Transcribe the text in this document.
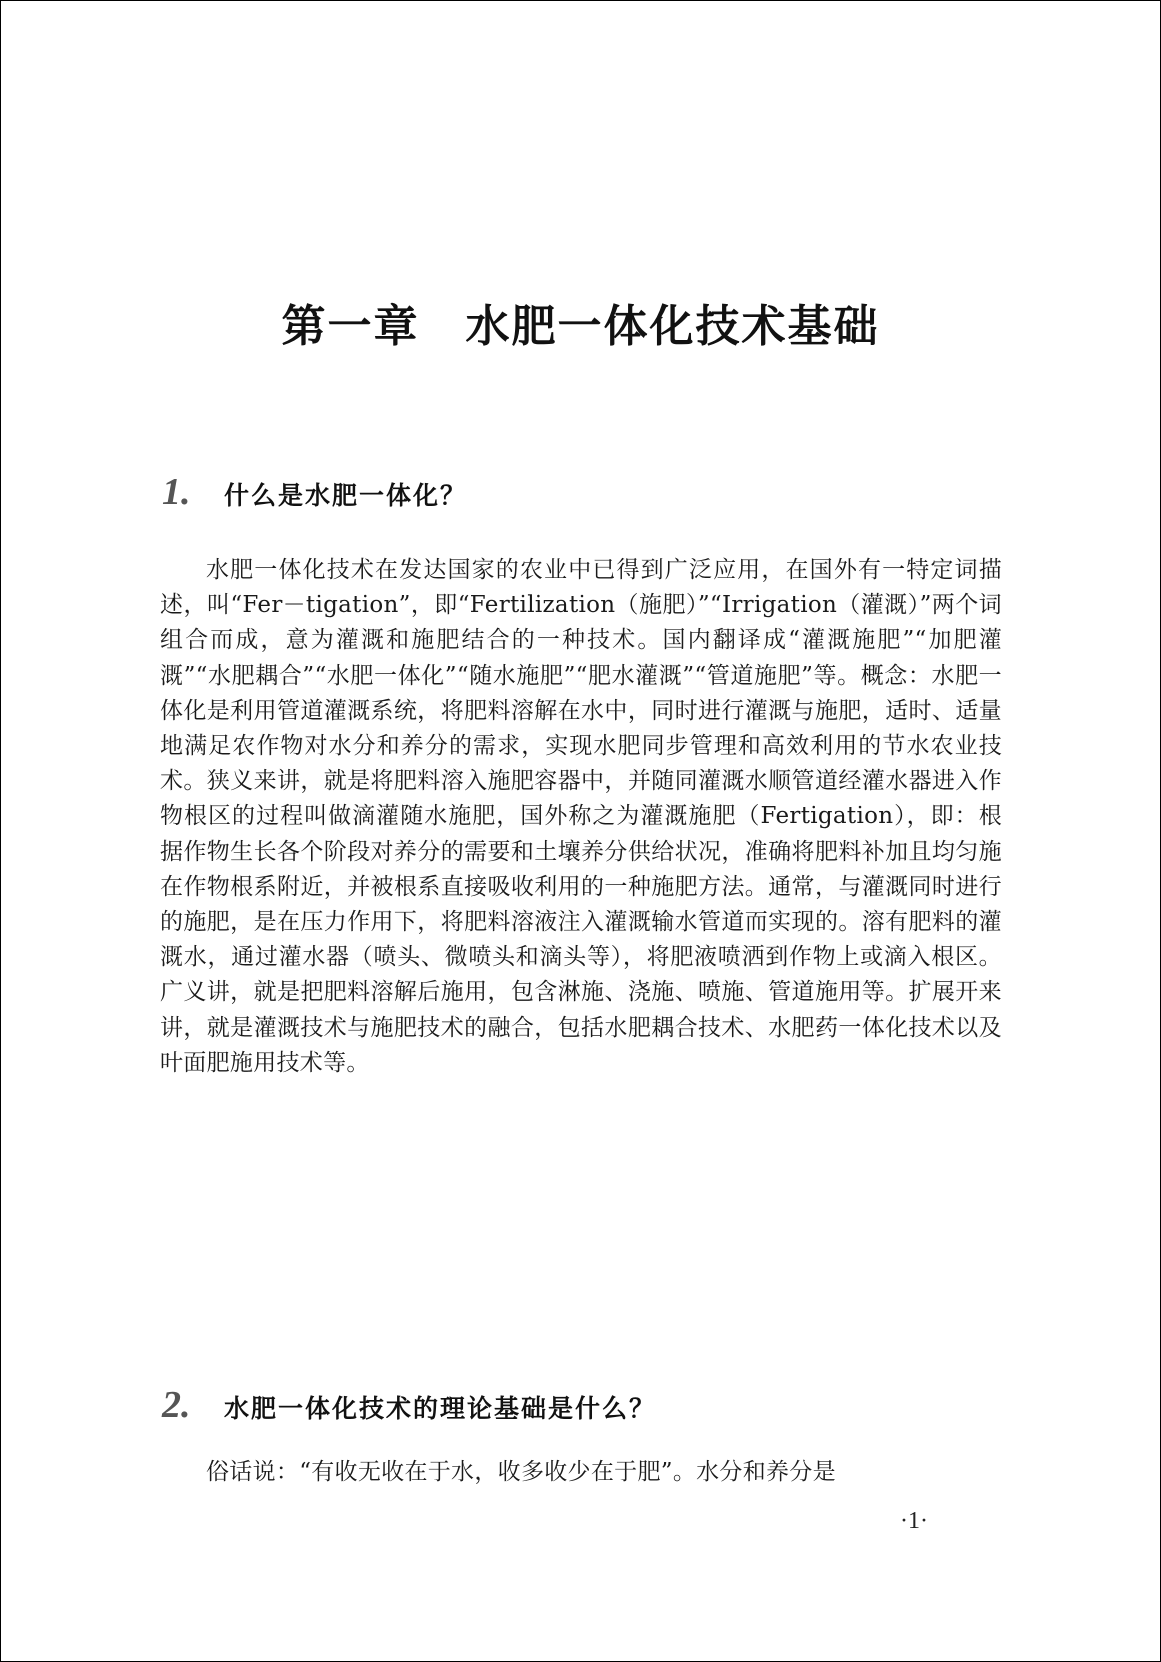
第一章　水肥一体化技术基础
1.	什么是水肥一体化？

水肥一体化技术在发达国家的农业中已得到广泛应用，在国外有一特定词描述，叫“Fer－tigation”，即“Fertilization（施肥）”“Irrigation（灌溉）”两个词组合而成，意为灌溉和施肥结合的一种技术。国内翻译成“灌溉施肥”“加肥灌溉”“水肥耦合”“水肥一体化”“随水施肥”“肥水灌溉”“管道施肥”等。概念：水肥一体化是利用管道灌溉系统，将肥料溶解在水中，同时进行灌溉与施肥，适时、适量地满足农作物对水分和养分的需求，实现水肥同步管理和高效利用的节水农业技术。狭义来讲，就是将肥料溶入施肥容器中，并随同灌溉水顺管道经灌水器进入作物根区的过程叫做滴灌随水施肥，国外称之为灌溉施肥（Fertigation），即：根据作物生长各个阶段对养分的需要和土壤养分供给状况，准确将肥料补加且均匀施在作物根系附近，并被根系直接吸收利用的一种施肥方法。通常，与灌溉同时进行的施肥，是在压力作用下，将肥料溶液注入灌溉输水管道而实现的。溶有肥料的灌溉水，通过灌水器（喷头、微喷头和滴头等），将肥液喷洒到作物上或滴入根区。广义讲，就是把肥料溶解后施用，包含淋施、浇施、喷施、管道施用等。扩展开来讲，就是灌溉技术与施肥技术的融合，包括水肥耦合技术、水肥药一体化技术以及叶面肥施用技术等。

2.	水肥一体化技术的理论基础是什么？

俗话说：“有收无收在于水，收多收少在于肥”。水分和养分是

·1·
